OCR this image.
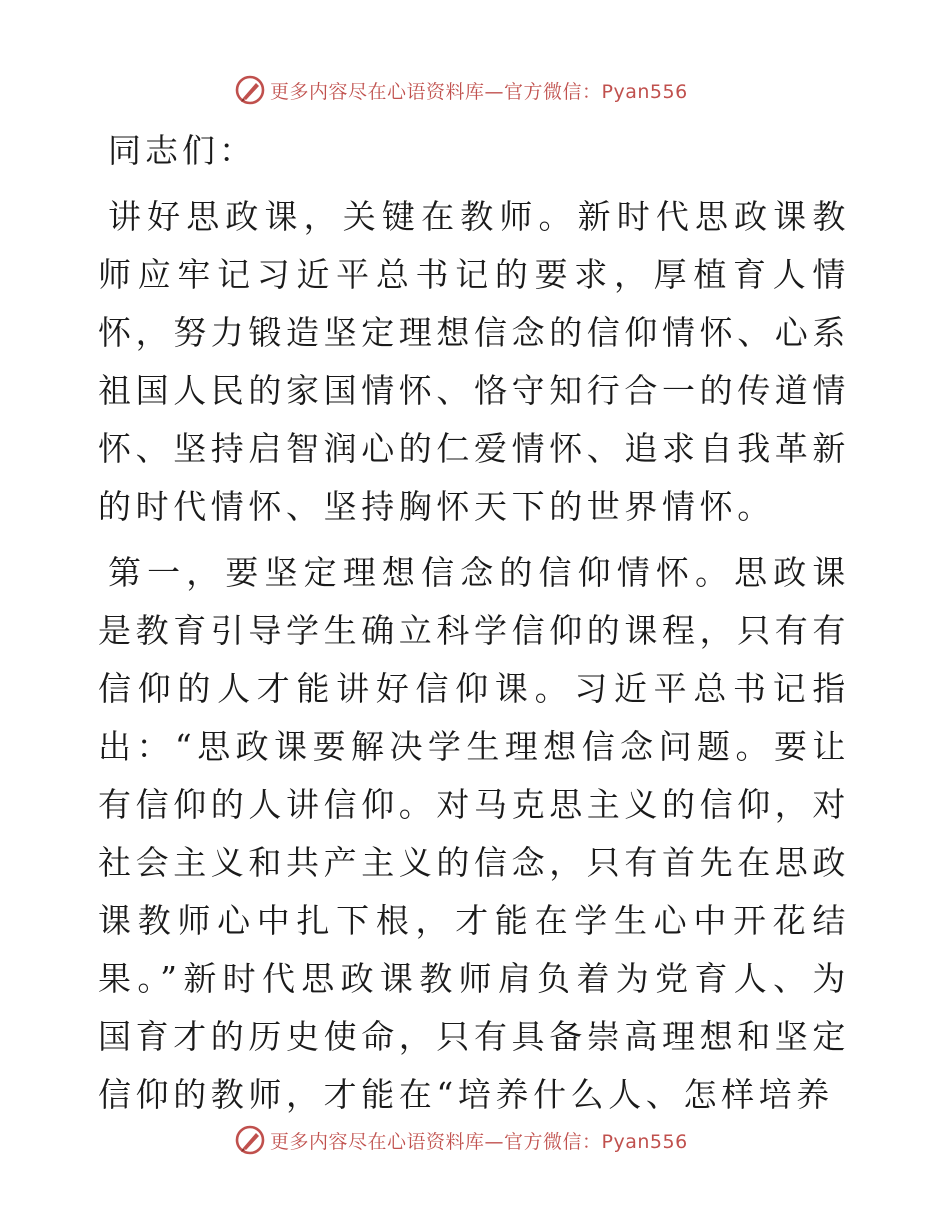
更多内容尽在心语资料库—官方微信：Pyan556
同志们：

讲好思政课，关键在教师。新时代思政课教师应牢记习近平总书记的要求，厚植育人情怀，努力锻造坚定理想信念的信仰情怀、心系祖国人民的家国情怀、恪守知行合一的传道情怀、坚持启智润心的仁爱情怀、追求自我革新的时代情怀、坚持胸怀天下的世界情怀。

第一，要坚定理想信念的信仰情怀。思政课是教育引导学生确立科学信仰的课程，只有有信仰的人才能讲好信仰课。习近平总书记指出：“思政课要解决学生理想信念问题。要让有信仰的人讲信仰。对马克思主义的信仰，对社会主义和共产主义的信念，只有首先在思政课教师心中扎下根，才能在学生心中开花结果。”新时代思政课教师肩负着为党育人、为国育才的历史使命，只有具备崇高理想和坚定信仰的教师，才能在“培养什么人、怎样培养

更多内容尽在心语资料库—官方微信：Pyan556
